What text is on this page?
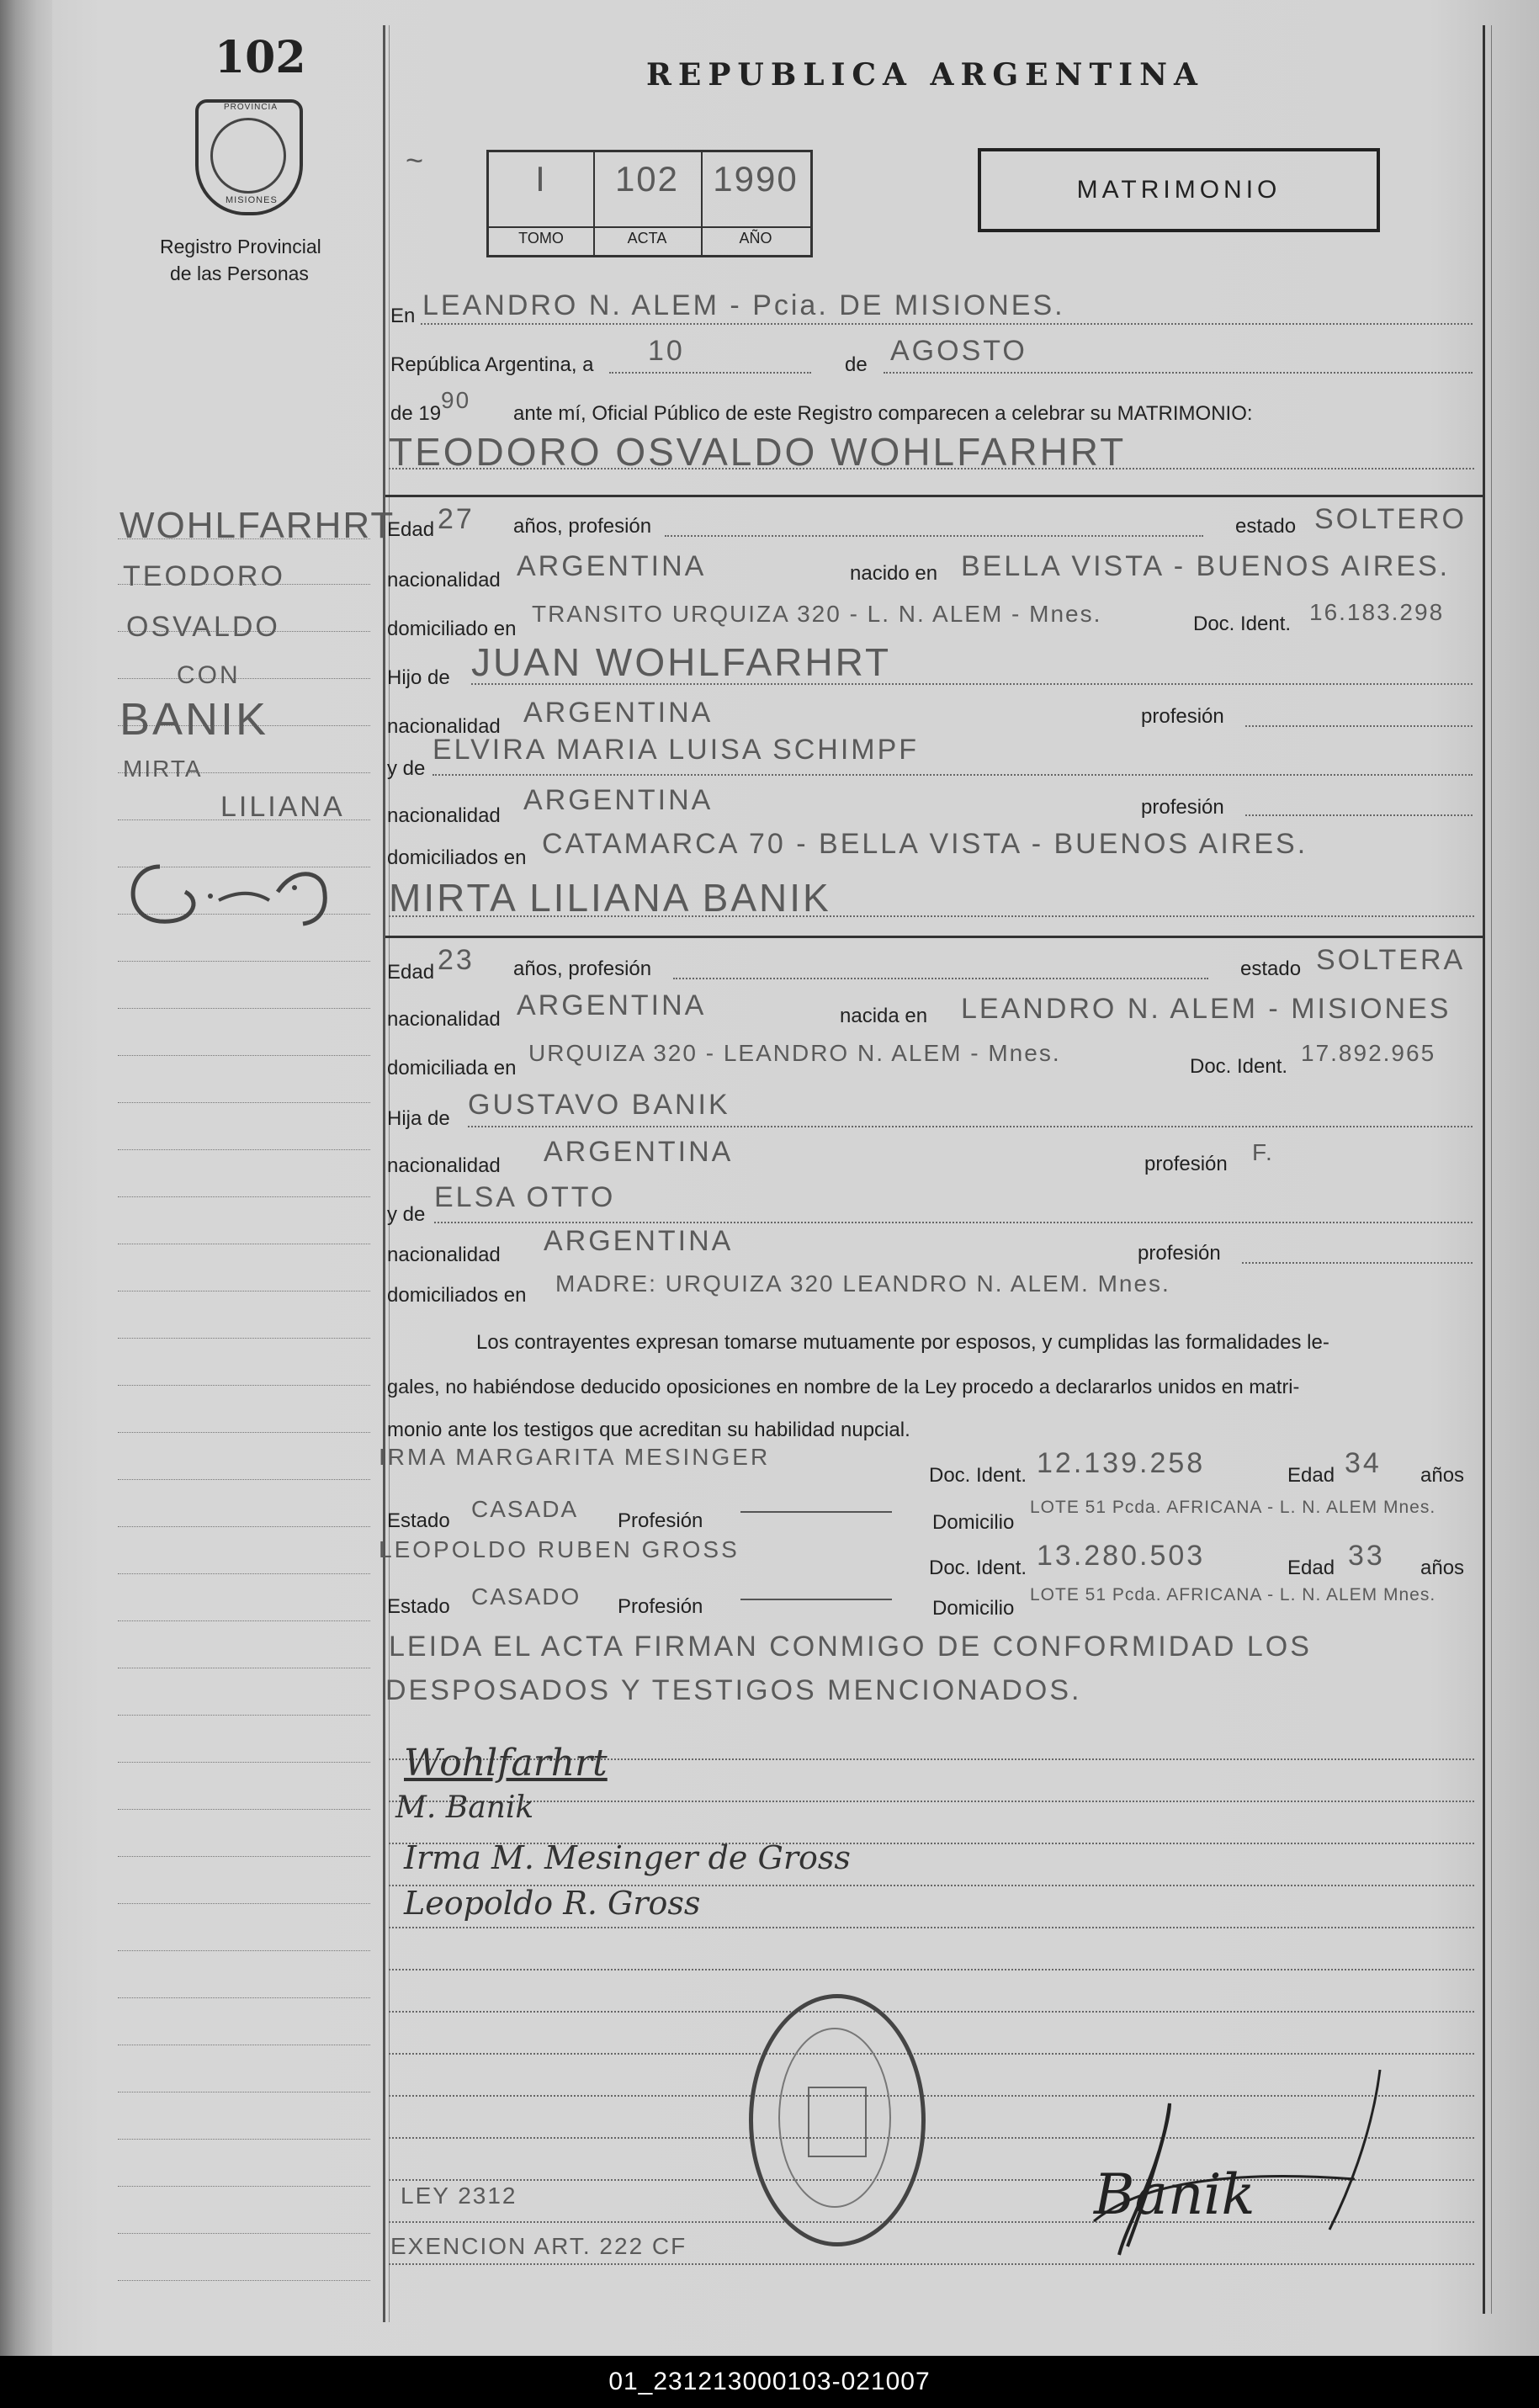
102
PROVINCIA
MISIONES
Registro Provincial
de las Personas
REPUBLICA ARGENTINA
~	I
TOMO
102
ACTA
1990
AÑO
MATRIMONIO
En LEANDRO N. ALEM - Pcia. DE MISIONES.
República Argentina, a 10	de AGOSTO
de 19
90
ante mí, Oficial Público de este Registro comparecen a celebrar su MATRIMONIO:
TEODORO OSVALDO WOHLFARHRT
Edad 27 años, profesión	estado SOLTERO
nacionalidad ARGENTINA	nacido en BELLA VISTA - BUENOS AIRES.
domiciliado en
TRANSITO URQUIZA 320 - L. N. ALEM - Mnes.	Doc. Ident. 16.183.298
Hijo de JUAN WOHLFARHRT
nacionalidad ARGENTINA	profesión
y de
ELVIRA MARIA LUISA SCHIMPF
nacionalidad ARGENTINA	profesión
domiciliados en CATAMARCA 70 - BELLA VISTA - BUENOS AIRES.
MIRTA LILIANA BANIK
Edad 23 años, profesión	estado SOLTERA
nacionalidad ARGENTINA	nacida en LEANDRO N. ALEM - MISIONES
domiciliada en
URQUIZA 320 - LEANDRO N. ALEM - Mnes.
Doc. Ident.
17.892.965
Hija de GUSTAVO BANIK
nacionalidad ARGENTINA	profesión F.
y de
ELSA OTTO
nacionalidad ARGENTINA	profesión
domiciliados en MADRE: URQUIZA 320 LEANDRO N. ALEM. Mnes.
Los contrayentes expresan tomarse mutuamente por esposos, y cumplidas las formalidades le-
gales, no habiéndose deducido oposiciones en nombre de la Ley procedo a declararlos unidos en matri-
monio ante los testigos que acreditan su habilidad nupcial.
IRMA MARGARITA MESINGER
Doc. Ident. 12.139.258	Edad 34 años
Estado CASADA Profesión	Domicilio
LOTE 51 Pcda. AFRICANA - L. N. ALEM Mnes.
LEOPOLDO RUBEN GROSS
Doc. Ident. 13.280.503	Edad 33 años
Estado CASADO Profesión	Domicilio
LOTE 51 Pcda. AFRICANA - L. N. ALEM Mnes.
LEIDA EL ACTA FIRMAN CONMIGO DE CONFORMIDAD LOS
DESPOSADOS Y TESTIGOS MENCIONADOS.
Wohlfarhrt
M. Banik
Irma M. Mesinger de Gross
Leopoldo R. Gross
Banik
LEY 2312
EXENCION ART. 222 CF
WOHLFARHRT
TEODORO
OSVALDO
CON
BANIK
MIRTA
LILIANA
01_231213000103-021007
